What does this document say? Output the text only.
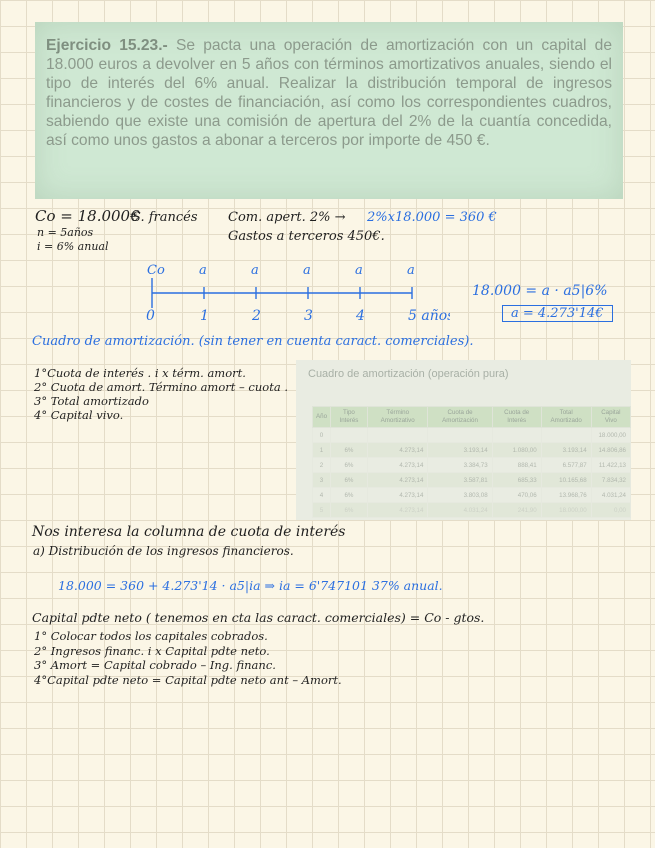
Ejercicio 15.23.- Se pacta una operación de amortización con un capital de 18.000 euros a devolver en 5 años con términos amortizativos anuales, siendo el tipo de interés del 6% anual. Realizar la distribución temporal de ingresos financieros y de costes de financiación, así como los correspondientes cuadros, sabiendo que existe una comisión de apertura del 2% de la cuantía concedida, así como unos gastos a abonar a terceros por importe de 450 €.
Co = 18.000€
n = 5años
i = 6% anual
S. francés Com. apert. 2% → 2%x18.000 = 360 €
Gastos a terceros 450€.
Co	a	a	a	a	a
0	1	2	3	4	5 años
18.000 = a · a5|6%
a = 4.273'14€
Cuadro de amortización. (sin tener en cuenta caract. comerciales).
1°Cuota de interés . i x térm. amort.
2° Cuota de amort. Término amort – cuota .
3° Total amortizado
4° Capital vivo.
Cuadro de amortización (operación pura)
Año	Tipo Interés	Término Amortizativo	Cuota de Amortización	Cuota de Interés	Total Amortizado	Capital Vivo
0						18.000,00
1	6%	4.273,14	3.193,14	1.080,00	3.193,14	14.806,86
2	6%	4.273,14	3.384,73	888,41	6.577,87	11.422,13
3	6%	4.273,14	3.587,81	685,33	10.165,68	7.834,32
4	6%	4.273,14	3.803,08	470,06	13.968,76	4.031,24
5	6%	4.273,14	4.031,24	241,90	18.000,00	0,00
Nos interesa la columna de cuota de interés
a) Distribución de los ingresos financieros.
18.000 = 360 + 4.273'14 · a5|ia ⇒ ia = 6'747101 37% anual.
Capital pdte neto ( tenemos en cta las caract. comerciales) = Co - gtos.
1° Colocar todos los capitales cobrados.
2° Ingresos financ. i x Capital pdte neto.
3° Amort = Capital cobrado – Ing. financ.
4°Capital pdte neto = Capital pdte neto ant – Amort.
